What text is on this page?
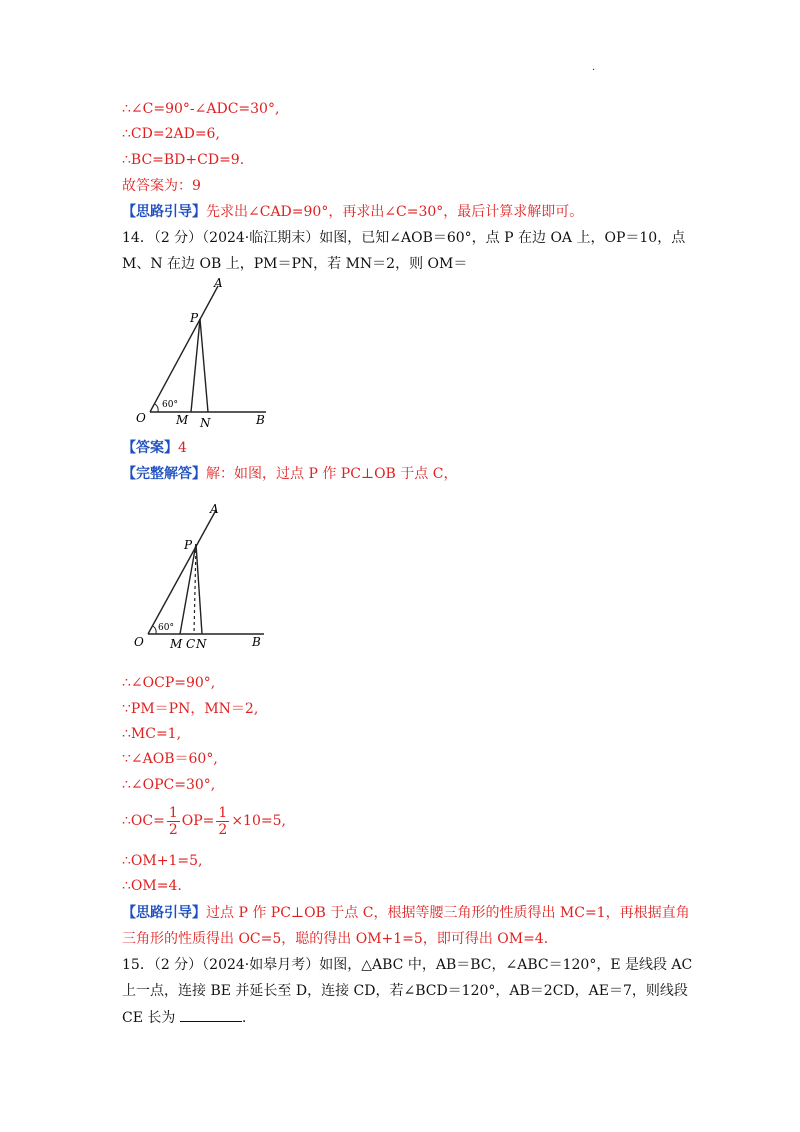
.
∴∠C=90°-∠ADC=30°,
∴CD=2AD=6,
∴BC=BD+CD=9.
故答案为：9
【思路引导】先求出∠CAD=90°，再求出∠C=30°，最后计算求解即可。
14．（2 分）（2024·临江期末）如图，已知∠AOB＝60°，点 P 在边 OA 上，OP＝10，点
M、N 在边 OB 上，PM＝PN，若 MN＝2，则 OM＝
A
P
O	M N	B
60°
【答案】4
【完整解答】解：如图，过点 P 作 PC⊥OB 于点 C，
A
P
O M C N	B
60°
∴∠OCP=90°,
∵PM＝PN，MN＝2,
∴MC=1,
∵∠AOB＝60°,
∴∠OPC=30°,
∴OC= $\frac{1}{2} OP= \frac{1}{2} \times 10=5$,
∴OM+1=5,
∴OM=4.
【思路引导】过点 P 作 PC⊥OB 于点 C，根据等腰三角形的性质得出 MC=1，再根据直角
三角形的性质得出 OC=5，聪的得出 OM+1=5，即可得出 OM=4.
15．（2 分）（2024·如皋月考）如图，△ABC 中，AB＝BC，∠ABC＝120°，E 是线段 AC
上一点，连接 BE 并延长至 D，连接 CD，若∠BCD＝120°，AB＝2CD，AE＝7，则线段
CE 长为	.
